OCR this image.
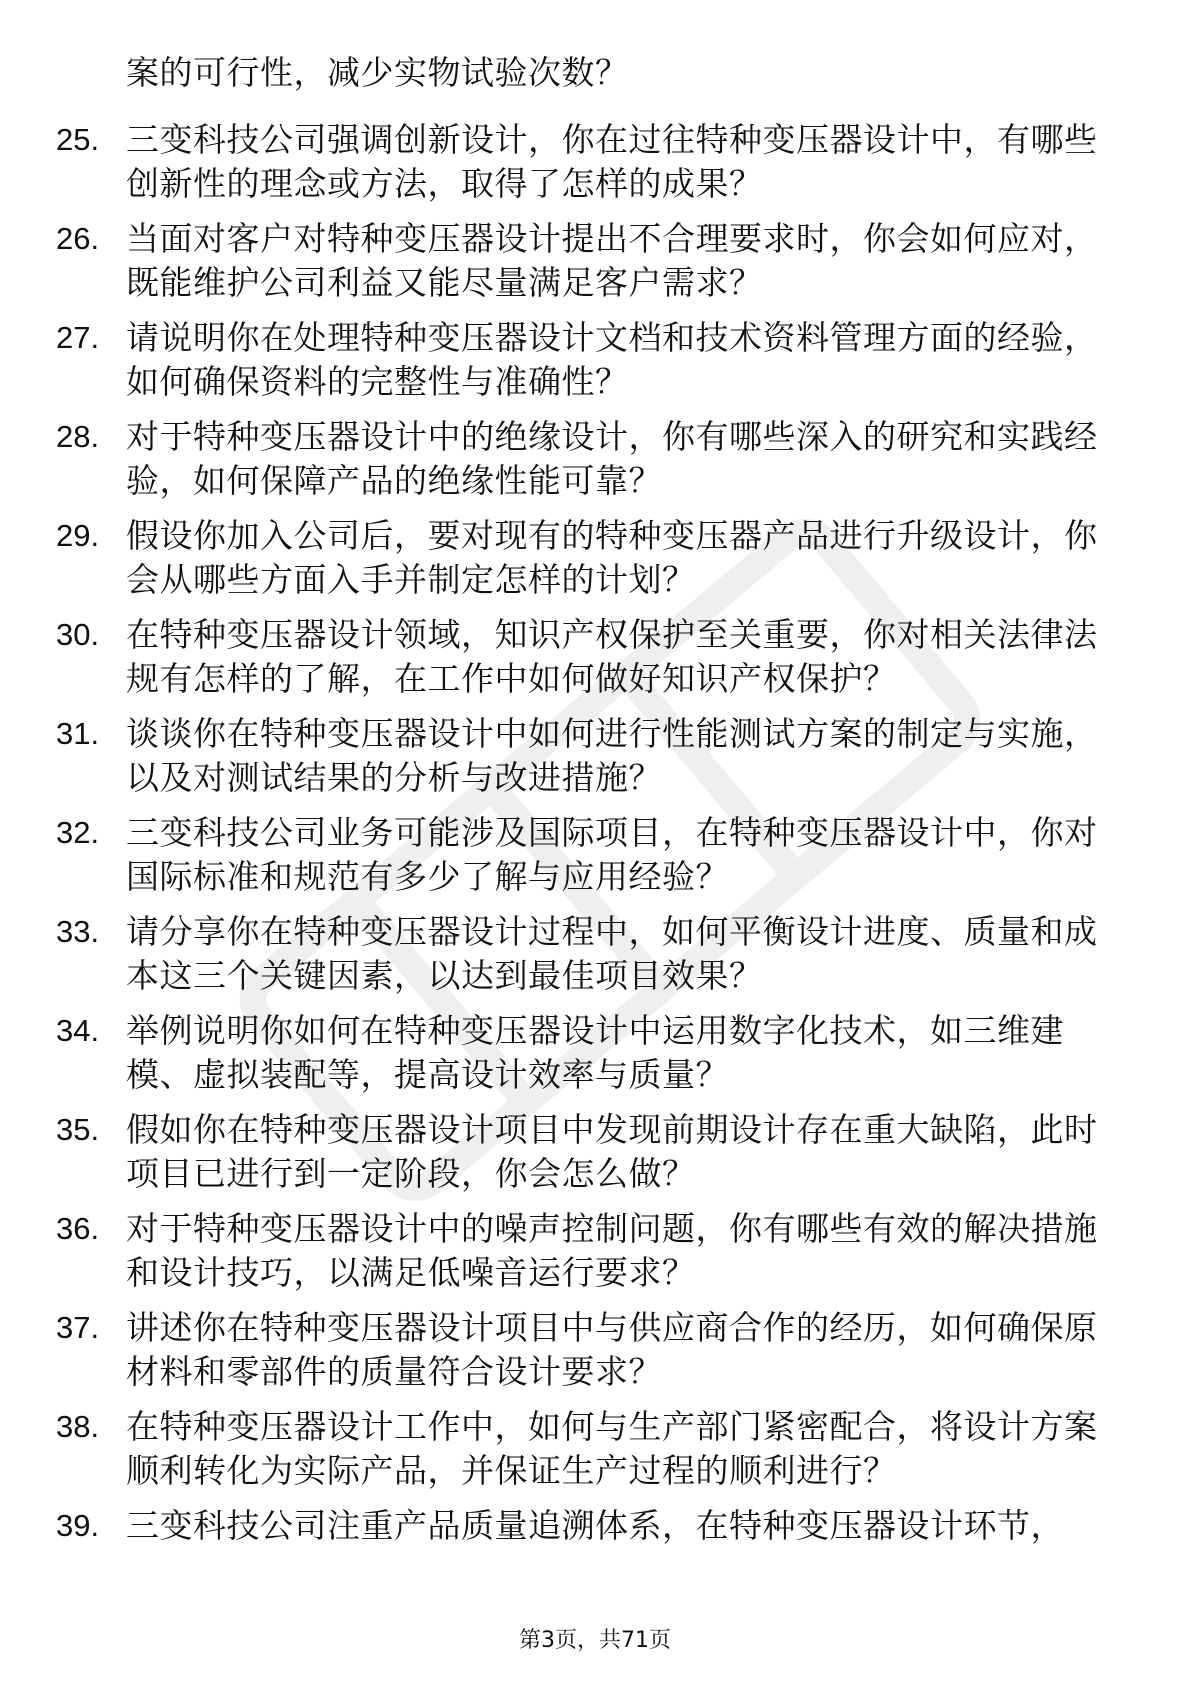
案的可行性，减少实物试验次数？
25. 三变科技公司强调创新设计，你在过往特种变压器设计中，有哪些创新性的理念或方法，取得了怎样的成果？
26. 当面对客户对特种变压器设计提出不合理要求时，你会如何应对，既能维护公司利益又能尽量满足客户需求？
27. 请说明你在处理特种变压器设计文档和技术资料管理方面的经验，如何确保资料的完整性与准确性？
28. 对于特种变压器设计中的绝缘设计，你有哪些深入的研究和实践经验，如何保障产品的绝缘性能可靠？
29. 假设你加入公司后，要对现有的特种变压器产品进行升级设计，你会从哪些方面入手并制定怎样的计划？
30. 在特种变压器设计领域，知识产权保护至关重要，你对相关法律法规有怎样的了解，在工作中如何做好知识产权保护？
31. 谈谈你在特种变压器设计中如何进行性能测试方案的制定与实施，以及对测试结果的分析与改进措施？
32. 三变科技公司业务可能涉及国际项目，在特种变压器设计中，你对国际标准和规范有多少了解与应用经验？
33. 请分享你在特种变压器设计过程中，如何平衡设计进度、质量和成本这三个关键因素，以达到最佳项目效果？
34. 举例说明你如何在特种变压器设计中运用数字化技术，如三维建模、虚拟装配等，提高设计效率与质量？
35. 假如你在特种变压器设计项目中发现前期设计存在重大缺陷，此时项目已进行到一定阶段，你会怎么做？
36. 对于特种变压器设计中的噪声控制问题，你有哪些有效的解决措施和设计技巧，以满足低噪音运行要求？
37. 讲述你在特种变压器设计项目中与供应商合作的经历，如何确保原材料和零部件的质量符合设计要求？
38. 在特种变压器设计工作中，如何与生产部门紧密配合，将设计方案顺利转化为实际产品，并保证生产过程的顺利进行？
39. 三变科技公司注重产品质量追溯体系，在特种变压器设计环节，
第3页，共71页
